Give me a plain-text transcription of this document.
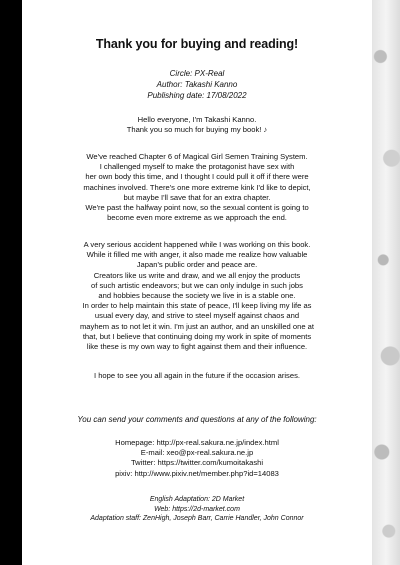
Thank you for buying and reading!
Circle: PX-Real
Author: Takashi Kanno
Publishing date: 17/08/2022
Hello everyone, I'm Takashi Kanno.
Thank you so much for buying my book! ♪
We've reached Chapter 6 of Magical Girl Semen Training System.
I challenged myself to make the protagonist have sex with
her own body this time, and I thought I could pull it off if there were
machines involved. There's one more extreme kink I'd like to depict,
but maybe I'll save that for an extra chapter.
We're past the halfway point now, so the sexual content is going to
become even more extreme as we approach the end.
A very serious accident happened while I was working on this book.
While it filled me with anger, it also made me realize how valuable
Japan's public order and peace are.
Creators like us write and draw, and we all enjoy the products
of such artistic endeavors; but we can only indulge in such jobs
and hobbies because the society we live in is a stable one.
In order to help maintain this state of peace, I'll keep living my life as
usual every day, and strive to steel myself against chaos and
mayhem as to not let it win. I'm just an author, and an unskilled one at
that, but I believe that continuing doing my work in spite of moments
like these is my own way to fight against them and their influence.
I hope to see you all again in the future if the occasion arises.
You can send your comments and questions at any of the following:
Homepage: http://px-real.sakura.ne.jp/index.html
E-mail: xeo@px-real.sakura.ne.jp
Twitter: https://twitter.com/kumoitakashi
pixiv: http://www.pixiv.net/member.php?id=14083
English Adaptation: 2D Market
Web: https://2d-market.com
Adaptation staff: ZenHigh, Joseph Barr, Carrie Handler, John Connor
